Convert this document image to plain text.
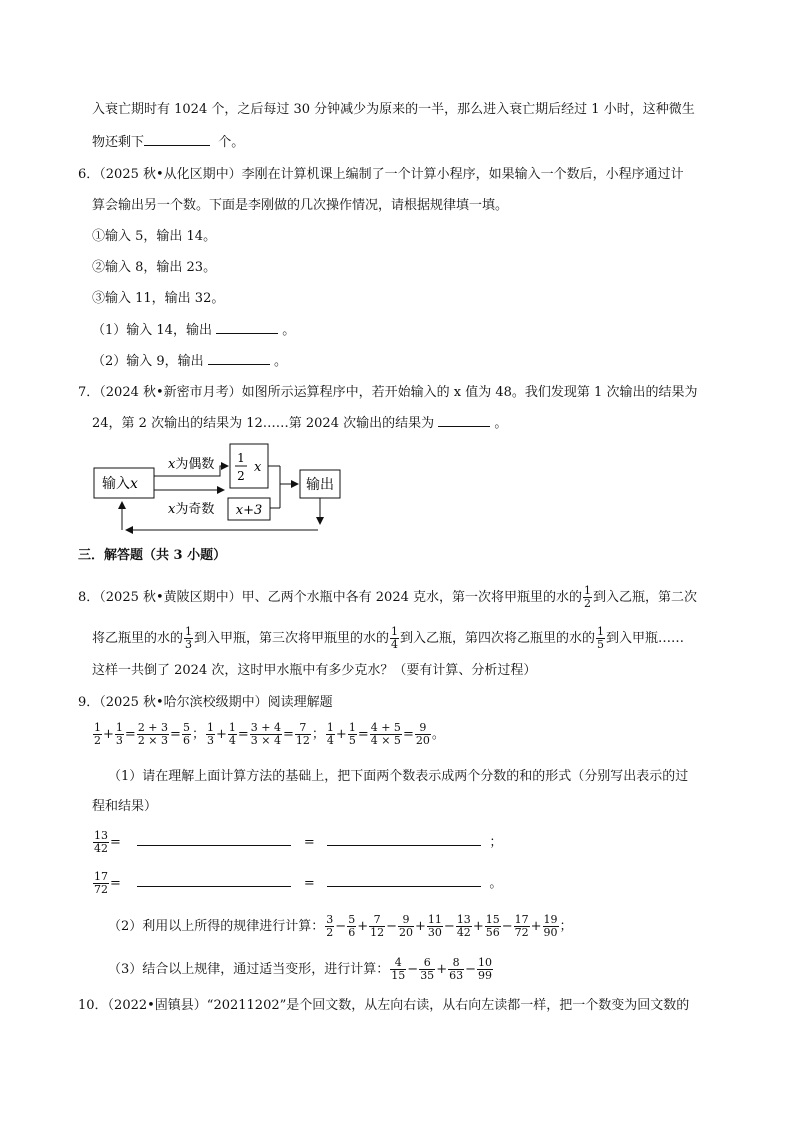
入衰亡期时有 1024 个，之后每过 30 分钟减少为原来的一半，那么进入衰亡期后经过 1 小时，这种微生
物还剩下	个。
6．（2025 秋•从化区期中）李刚在计算机课上编制了一个计算小程序，如果输入一个数后，小程序通过计
算会输出另一个数。下面是李刚做的几次操作情况，请根据规律填一填。
①输入 5，输出 14。
②输入 8，输出 23。
③输入 11，输出 32。
（1）输入 14，输出	。
（2）输入 9，输出	。
7．（2024 秋•新密市月考）如图所示运算程序中，若开始输入的 x 值为 48。我们发现第 1 次输出的结果为
24，第 2 次输出的结果为 12……第 2024 次输出的结果为	。
输入x
x为偶数
x为奇数
1
2
x
x+3
输出
三．解答题（共 3 小题）
8．（2025 秋•黄陂区期中）甲、乙两个水瓶中各有 2024 克水，第一次将甲瓶里的水的 $\frac{1}{2}$ 到入乙瓶，第二次
将乙瓶里的水的 $\frac{1}{3}$ 到入甲瓶，第三次将甲瓶里的水的 $\frac{1}{4}$ 到入乙瓶，第四次将乙瓶里的水的 $\frac{1}{5}$ 到入甲瓶……
这样一共倒了 2024 次，这时甲水瓶中有多少克水？（要有计算、分析过程）
9．（2025 秋•哈尔滨校级期中）阅读理解题
$\frac{1}{2} + \frac{1}{3} = \frac{2 + 3}{2 \times 3} = \frac{5}{6}$ ； $\frac{1}{3} + \frac{1}{4} = \frac{3 + 4}{3 \times 4} = \frac{7}{12}$ ； $\frac{1}{4} + \frac{1}{5} = \frac{4 + 5}{4 \times 5} = \frac{9}{20}$ 。
（1）请在理解上面计算方法的基础上，把下面两个数表示成两个分数的和的形式（分别写出表示的过
程和结果）
$\frac{13}{42}$ =	=	；
$\frac{17}{72}$ =	=	。
（2）利用以上所得的规律进行计算： $\frac{3}{2} - \frac{5}{6} + \frac{7}{12} - \frac{9}{20} + \frac{11}{30} - \frac{13}{42} + \frac{15}{56} - \frac{17}{72} + \frac{19}{90}$ ；
（3）结合以上规律，通过适当变形，进行计算： $\frac{4}{15} - \frac{6}{35} + \frac{8}{63} - \frac{10}{99}$
10．（2022•固镇县）“20211202”是个回文数，从左向右读，从右向左读都一样，把一个数变为回文数的
